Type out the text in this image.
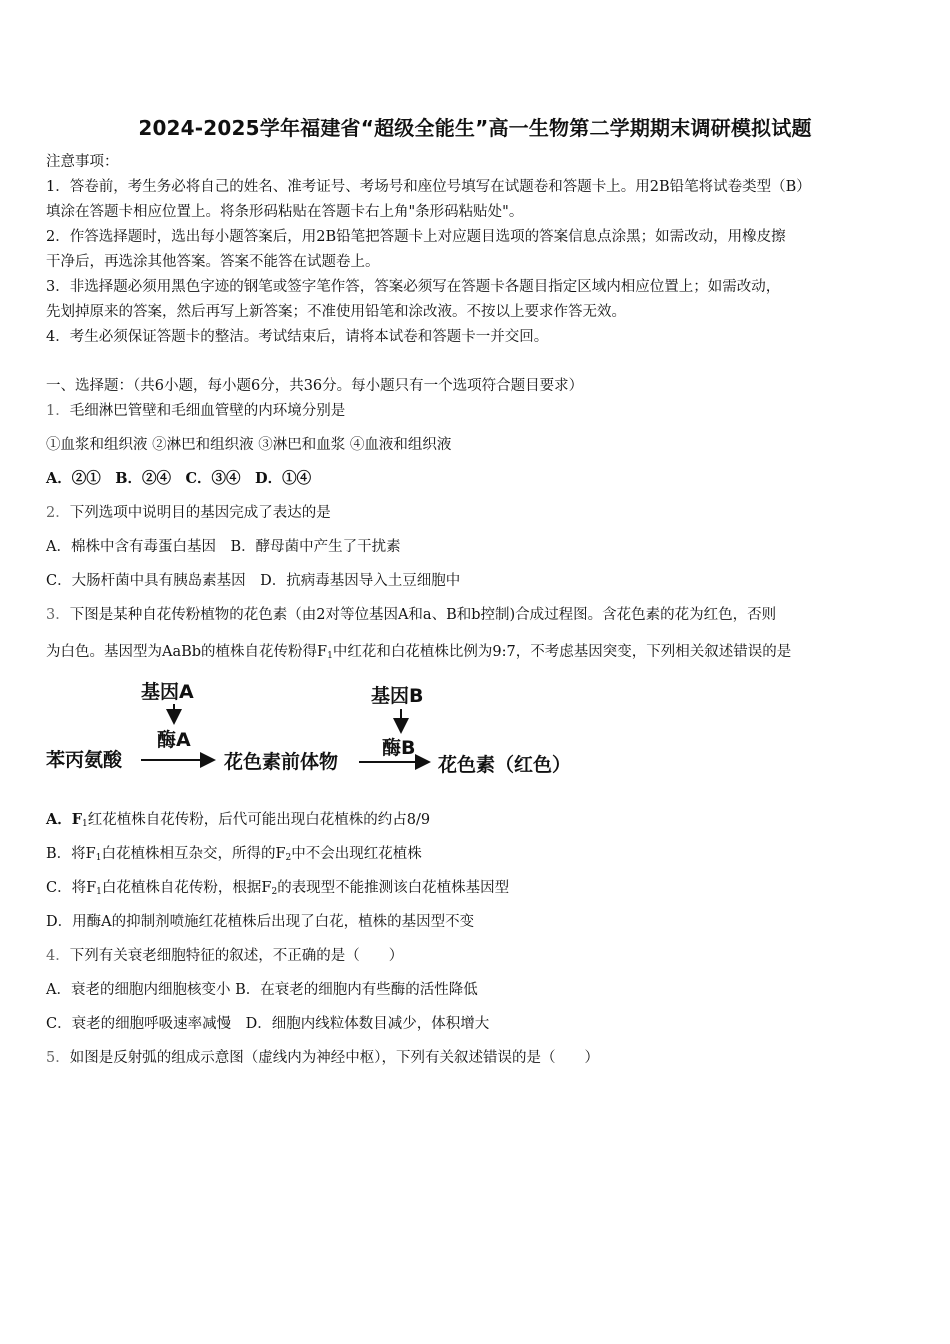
2024-2025学年福建省“超级全能生”高一生物第二学期期末调研模拟试题
注意事项：
1．答卷前，考生务必将自己的姓名、准考证号、考场号和座位号填写在试题卷和答题卡上。用2B铅笔将试卷类型（B）
填涂在答题卡相应位置上。将条形码粘贴在答题卡右上角"条形码粘贴处"。
2．作答选择题时，选出每小题答案后，用2B铅笔把答题卡上对应题目选项的答案信息点涂黑；如需改动，用橡皮擦
干净后，再选涂其他答案。答案不能答在试题卷上。
3．非选择题必须用黑色字迹的钢笔或签字笔作答，答案必须写在答题卡各题目指定区域内相应位置上；如需改动，
先划掉原来的答案，然后再写上新答案；不准使用铅笔和涂改液。不按以上要求作答无效。
4．考生必须保证答题卡的整洁。考试结束后，请将本试卷和答题卡一并交回。
一、选择题：（共6小题，每小题6分，共36分。每小题只有一个选项符合题目要求）
1．毛细淋巴管壁和毛细血管壁的内环境分别是
①血浆和组织液 ②淋巴和组织液 ③淋巴和血浆 ④血液和组织液
A．②①　B．②④　C．③④　D．①④
2．下列选项中说明目的基因完成了表达的是
A．棉株中含有毒蛋白基因　B．酵母菌中产生了干扰素
C．大肠杆菌中具有胰岛素基因　D．抗病毒基因导入土豆细胞中
3．下图是某种自花传粉植物的花色素（由2对等位基因A和a、B和b控制)合成过程图。含花色素的花为红色，否则
为白色。基因型为AaBb的植株自花传粉得$F_1$中红花和白花植株比例为9:7，不考虑基因突变，下列相关叙述错误的是
基因A
酶A
基因B
酶B
苯丙氨酸	花色素前体物	花色素（红色）
A．$F_1$红花植株自花传粉，后代可能出现白花植株的约占8/9
B．将$F_1$白花植株相互杂交，所得的$F_2$中不会出现红花植株
C．将$F_1$白花植株自花传粉，根据$F_2$的表现型不能推测该白花植株基因型
D．用酶A的抑制剂喷施红花植株后出现了白花，植株的基因型不变
4．下列有关衰老细胞特征的叙述，不正确的是（　　）
A．衰老的细胞内细胞核变小 B．在衰老的细胞内有些酶的活性降低
C．衰老的细胞呼吸速率减慢　D．细胞内线粒体数目减少，体积增大
5．如图是反射弧的组成示意图（虚线内为神经中枢），下列有关叙述错误的是（　　）
